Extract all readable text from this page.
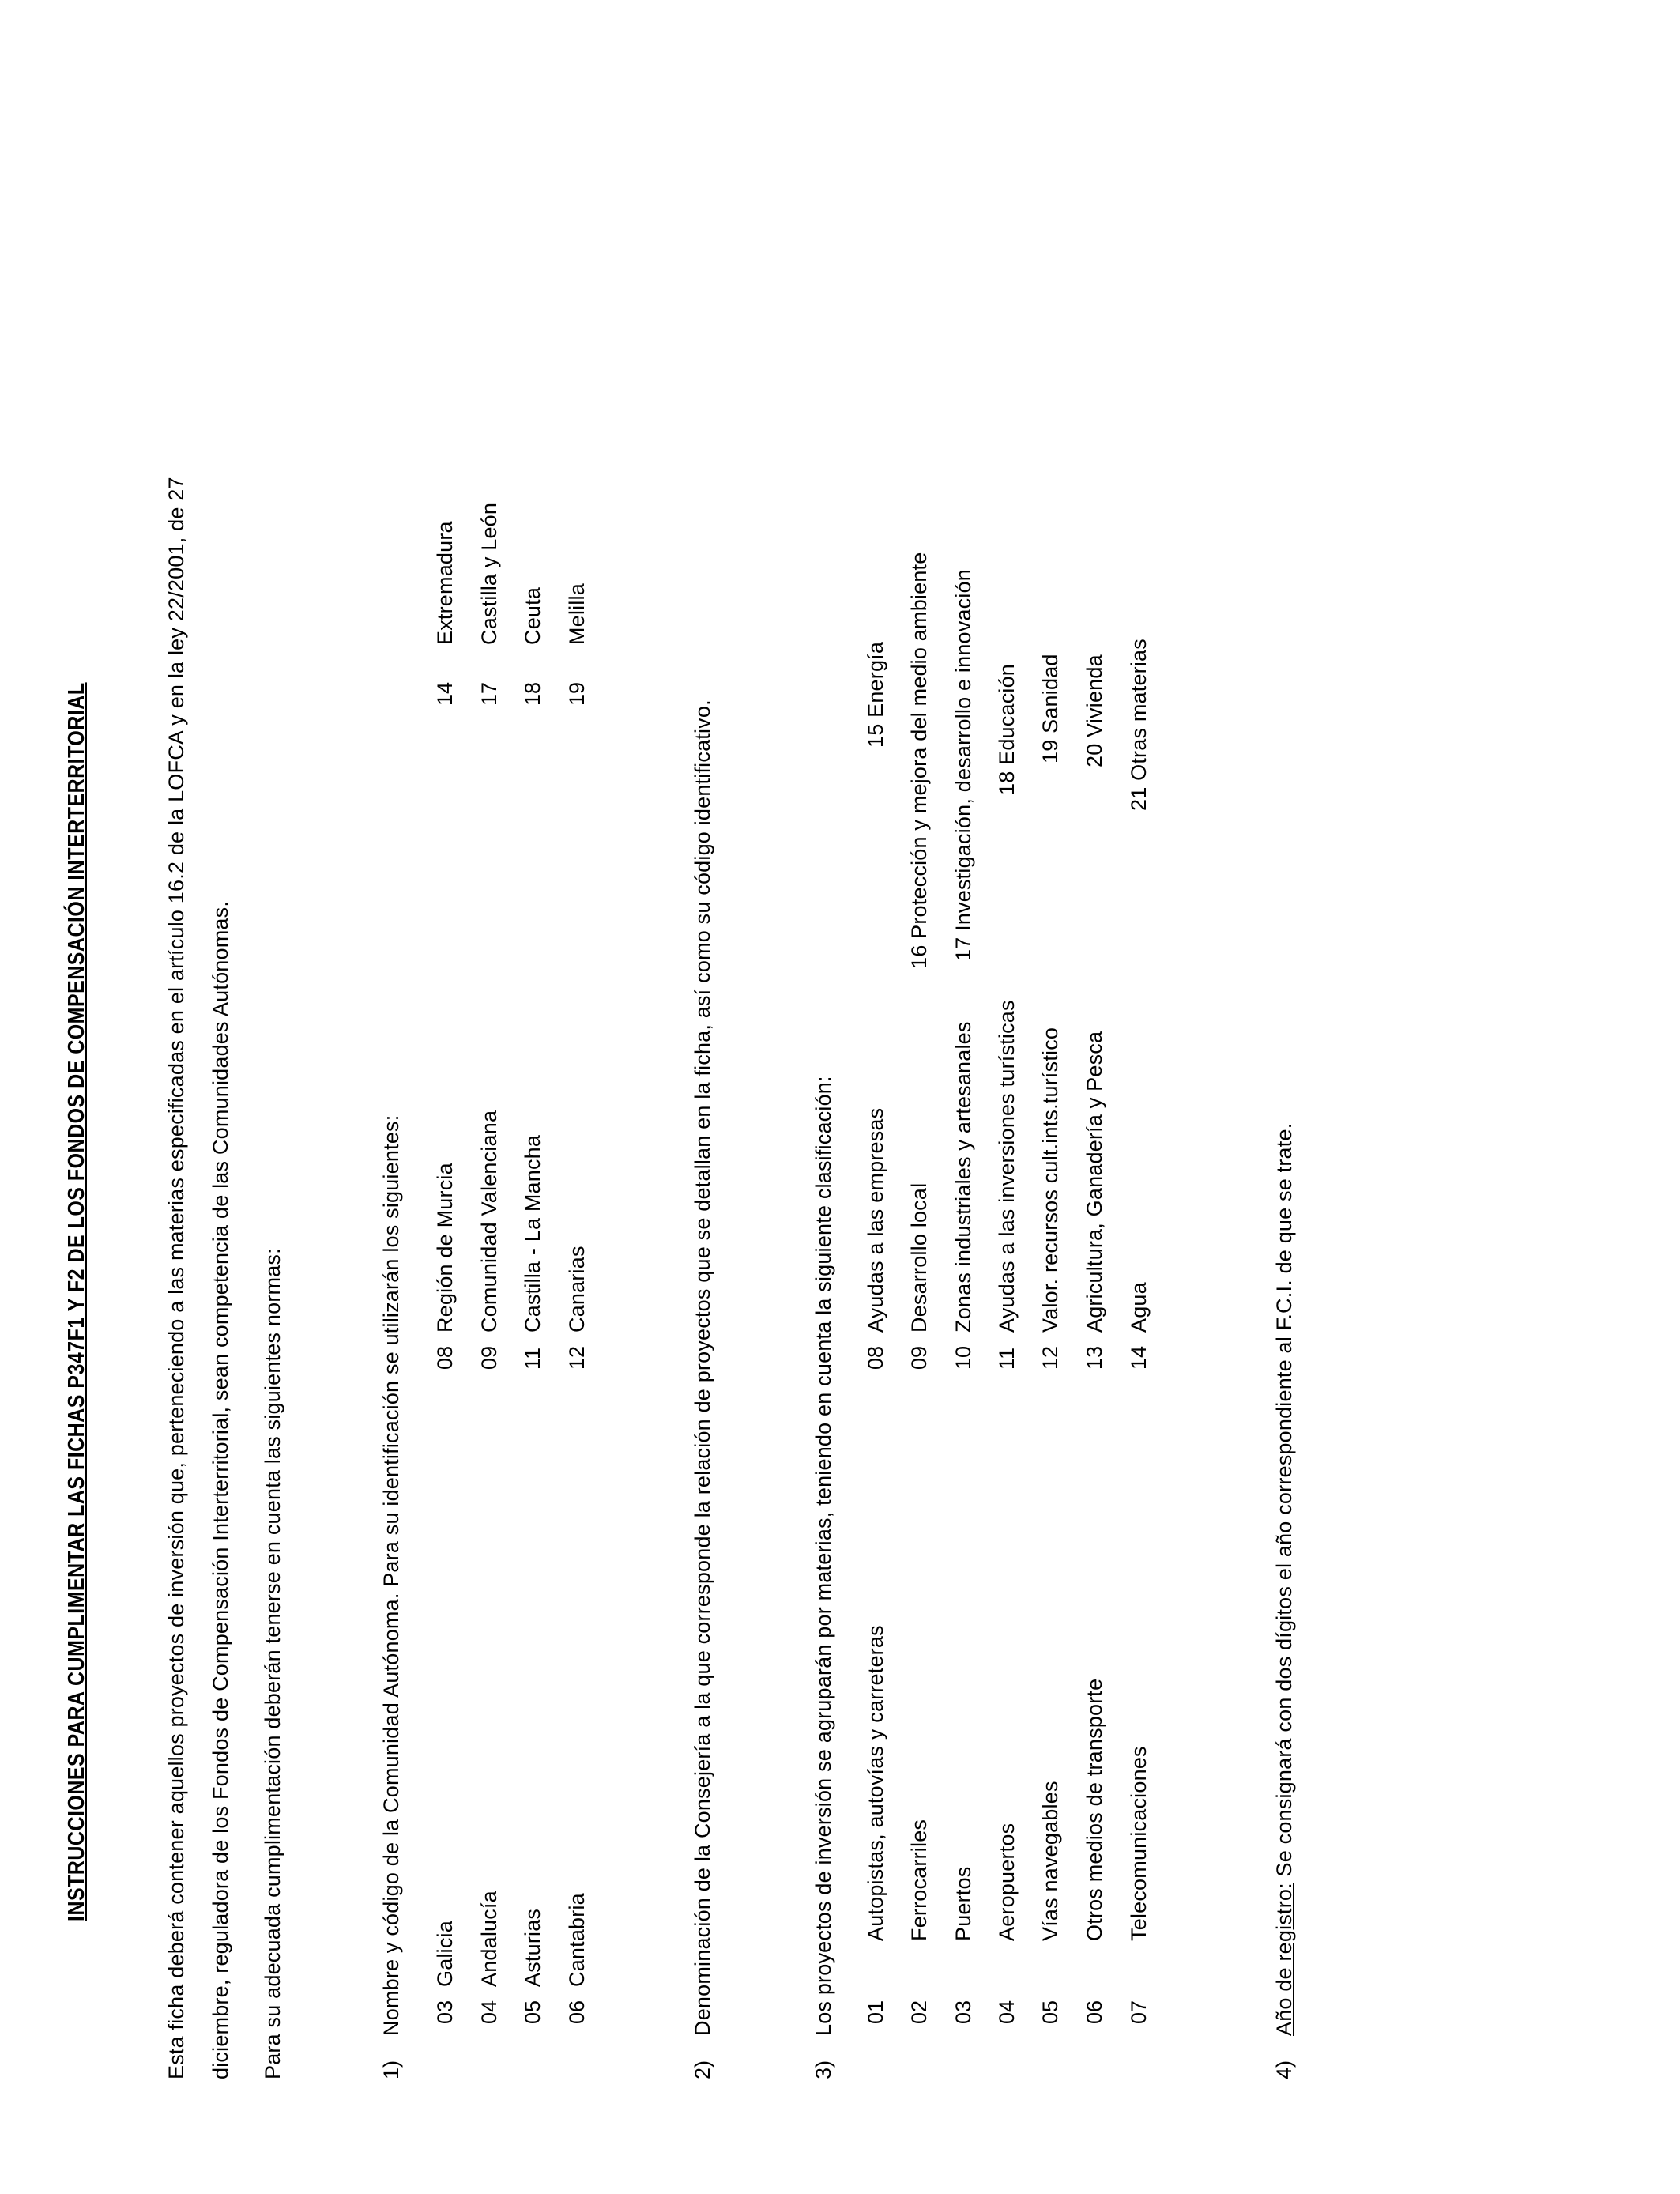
INSTRUCCIONES PARA CUMPLIMENTAR LAS FICHAS P347F1 Y F2 DE LOS FONDOS DE COMPENSACIÓN INTERTERRITORIAL	Esta ficha deberá contener aquellos proyectos de inversión que, perteneciendo a las materias especificadas en el artículo 16.2 de la LOFCA y en la ley 22/2001, de 27 diciembre, reguladora de los Fondos de Compensación Interterritorial, sean competencia de las Comunidades Autónomas. Para su adecuada cumplimentación deberán tenerse en cuenta las siguientes normas:	1)
Nombre y código de la Comunidad Autónoma. Para su identificación se utilizarán los siguientes: 03
Galicia
04
Andalucía
05
Asturias
06
Cantabria
08
Región de Murcia
09
Comunidad Valenciana
11
Castilla - La Mancha
12
Canarias
14
Extremadura
17
Castilla y León
18
Ceuta
19
Melilla
2)
Denominación de la Consejería a la que corresponde la relación de proyectos que se detallan en la ficha, así como su código identificativo.
3)
Los proyectos de inversión se agruparán por materias, teniendo en cuenta la siguiente clasificación: 01
Autopistas, autovías y carreteras
02
Ferrocarriles
03
Puertos
04
Aeropuertos
05
Vías navegables
06
Otros medios de transporte
07
Telecomunicaciones
08
Ayudas a las empresas
09
Desarrollo local
10
Zonas industriales y artesanales
11
Ayudas a las inversiones turísticas
12
Valor. recursos cult.ints.turístico
13
Agricultura, Ganadería y Pesca
14
Agua
15 Energía 16 Protección y mejora del medio ambiente 17 Investigación, desarrollo e innovación 18 Educación 19 Sanidad 20 Vivienda 21 Otras materias
4)
Año de registro: Se consignará con dos dígitos el año correspondiente al F.C.I. de que se trate.
